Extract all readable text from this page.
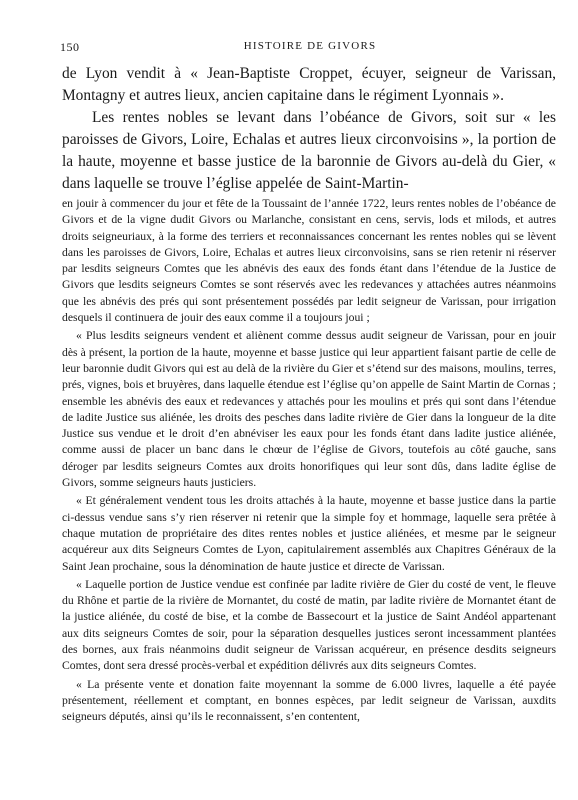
150	HISTOIRE DE GIVORS

de Lyon vendit à « Jean-Baptiste Croppet, écuyer, seigneur de Varissan, Montagny et autres lieux, ancien capitaine dans le régiment Lyonnais ».

Les rentes nobles se levant dans l’obéance de Givors, soit sur « les paroisses de Givors, Loire, Echalas et autres lieux circonvoisins », la portion de la haute, moyenne et basse justice de la baronnie de Givors au-delà du Gier, « dans laquelle se trouve l’église appelée de Saint-Martin-

en jouir à commencer du jour et fête de la Toussaint de l’année 1722, leurs rentes nobles de l’obéance de Givors et de la vigne dudit Givors ou Marlanche, consistant en cens, servis, lods et milods, et autres droits seigneuriaux, à la forme des terriers et reconnaissances concernant les rentes nobles qui se lèvent dans les paroisses de Givors, Loire, Echalas et autres lieux circonvoisins, sans se rien retenir ni réserver par lesdits seigneurs Comtes que les abnévis des eaux des fonds étant dans l’étendue de la Justice de Givors que lesdits seigneurs Comtes se sont réservés avec les redevances y attachées autres néanmoins que les abnévis des prés qui sont présentement possédés par ledit seigneur de Varissan, pour irrigation desquels il continuera de jouir des eaux comme il a toujours joui ;

« Plus lesdits seigneurs vendent et aliènent comme dessus audit seigneur de Varissan, pour en jouir dès à présent, la portion de la haute, moyenne et basse justice qui leur appartient faisant partie de celle de leur baronnie dudit Givors qui est au delà de la rivière du Gier et s’étend sur des maisons, moulins, terres, prés, vignes, bois et bruyères, dans laquelle étendue est l’église qu’on appelle de Saint Martin de Cornas ; ensemble les abnévis des eaux et redevances y attachés pour les moulins et prés qui sont dans l’étendue de ladite Justice sus aliénée, les droits des pesches dans ladite rivière de Gier dans la longueur de la dite Justice sus vendue et le droit d’en abnéviser les eaux pour les fonds étant dans ladite justice aliénée, comme aussi de placer un banc dans le chœur de l’église de Givors, toutefois au côté gauche, sans déroger par lesdits seigneurs Comtes aux droits honorifiques qui leur sont dûs, dans ladite église de Givors, somme seigneurs hauts justiciers.

« Et généralement vendent tous les droits attachés à la haute, moyenne et basse justice dans la partie ci-dessus vendue sans s’y rien réserver ni retenir que la simple foy et hommage, laquelle sera prêtée à chaque mutation de propriétaire des dites rentes nobles et justice aliénées, et mesme par le seigneur acquéreur aux dits Seigneurs Comtes de Lyon, capitulairement assemblés aux Chapitres Généraux de la Saint Jean prochaine, sous la dénomination de haute justice et directe de Varissan.

« Laquelle portion de Justice vendue est confinée par ladite rivière de Gier du costé de vent, le fleuve du Rhône et partie de la rivière de Mornantet, du costé de matin, par ladite rivière de Mornantet étant de la justice aliénée, du costé de bise, et la combe de Bassecourt et la justice de Saint Andéol appartenant aux dits seigneurs Comtes de soir, pour la séparation desquelles justices seront incessamment plantées des bornes, aux frais néanmoins dudit seigneur de Varissan acquéreur, en présence desdits seigneurs Comtes, dont sera dressé procès-verbal et expédition délivrés aux dits seigneurs Comtes.

« La présente vente et donation faite moyennant la somme de 6.000 livres, laquelle a été payée présentement, réellement et comptant, en bonnes espèces, par ledit seigneur de Varissan, auxdits seigneurs députés, ainsi qu’ils le reconnaissent, s’en contentent,
